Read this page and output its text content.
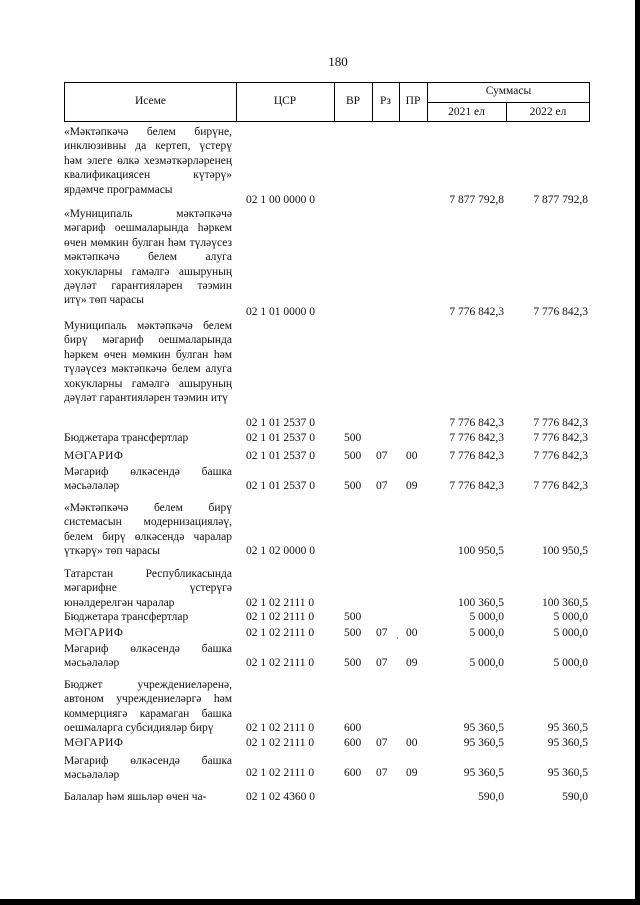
180
Исеме	ЦСР	ВР	Рз	ПР
Суммасы
2021 ел	2022 ел
«Мәктәпкәчә белем бирүне, инклюзивны да кертеп, үстерү һәм элеге өлкә хезмәткәрләренең квалификациясен күтәрү» ярдәмче программасы
02 1 00 0000 0	7 877 792,8	7 877 792,8
«Муниципаль мәктәпкәчә мәгариф оешмаларында һәркем өчен мөмкин булган һәм түләүсез мәктәпкәчә белем алуга хокукларны гамәлгә ашыруның дәүләт гарантияләрен тәэмин итү» төп чарасы
02 1 01 0000 0	7 776 842,3	7 776 842,3
Муниципаль мәктәпкәчә белем бирү мәгариф оешмаларында һәркем өчен мөмкин булган һәм түләүсез мәктәпкәчә белем алуга хокукларны гамәлгә ашыруның дәүләт гарантияләрен тәэмин итү
02 1 01 2537 0	7 776 842,3	7 776 842,3
Бюджетара трансфертлар	02 1 01 2537 0	500	7 776 842,3	7 776 842,3
МӘГАРИФ	02 1 01 2537 0	500 07 00	7 776 842,3	7 776 842,3
Мәгариф өлкәсендә башка мәсьәләләр	02 1 01 2537 0	500 07 09	7 776 842,3	7 776 842,3
«Мәктәпкәчә белем бирү системасын модернизацияләү, белем бирү өлкәсендә чаралар үткәрү» төп чарасы	02 1 02 0000 0	100 950,5	100 950,5
Татарстан Республикасында мәгарифне үстерүгә юнәлдерелгән чаралар	02 1 02 2111 0	100 360,5	100 360,5
Бюджетара трансфертлар	02 1 02 2111 0	500	5 000,0	5 000,0
МӘГАРИФ	02 1 02 2111 0	500 07 00	5 000,0	5 000,0
Мәгариф өлкәсендә башка мәсьәләләр	02 1 02 2111 0	500 07 09	5 000,0	5 000,0
Бюджет учреждениеләренә, автоном учреждениеләргә һәм коммерциягә карамаган башка оешмаларга субсидияләр бирү	02 1 02 2111 0	600	95 360,5	95 360,5
МӘГАРИФ	02 1 02 2111 0	600 07 00	95 360,5	95 360,5
Мәгариф өлкәсендә башка мәсьәләләр	02 1 02 2111 0	600 07 09	95 360,5	95 360,5
Балалар һәм яшьләр өчен ча-	02 1 02 4360 0	590,0	590,0
